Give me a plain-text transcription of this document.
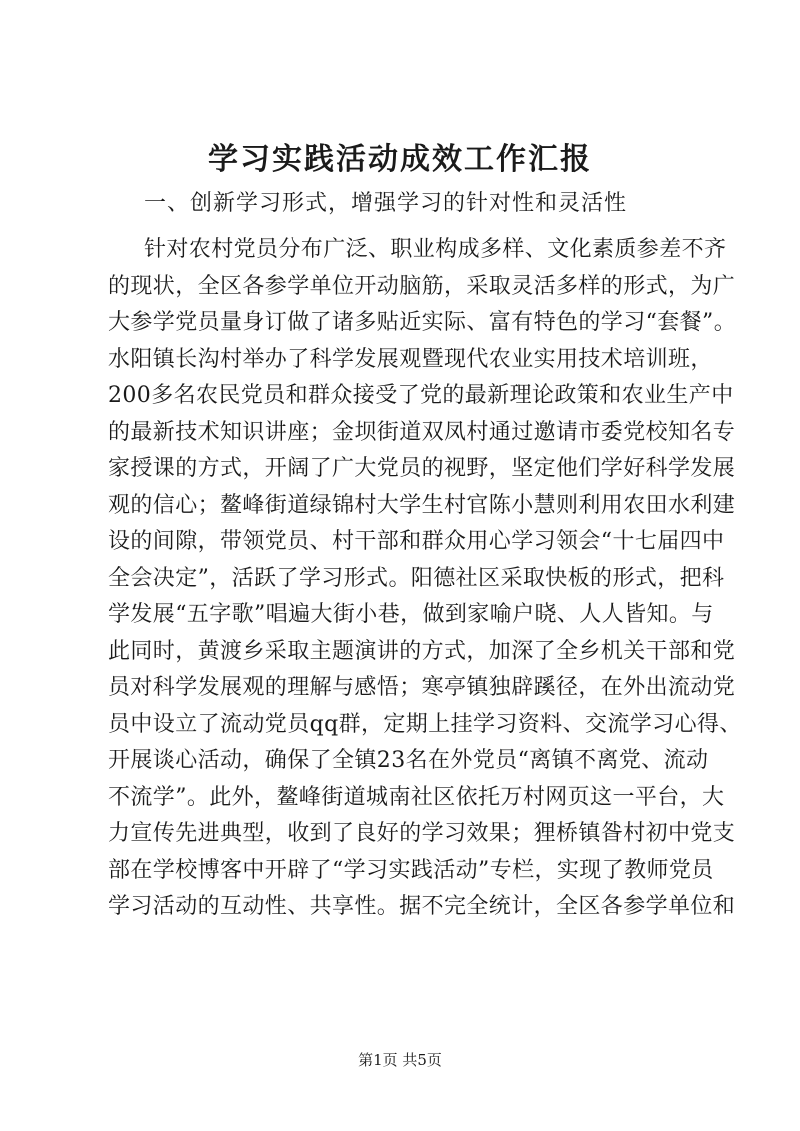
学习实践活动成效工作汇报
一、创新学习形式，增强学习的针对性和灵活性
针对农村党员分布广泛、职业构成多样、文化素质参差不齐
的现状，全区各参学单位开动脑筋，采取灵活多样的形式，为广
大参学党员量身订做了诸多贴近实际、富有特色的学习“套餐”。
水阳镇长沟村举办了科学发展观暨现代农业实用技术培训班，
200多名农民党员和群众接受了党的最新理论政策和农业生产中
的最新技术知识讲座；金坝街道双凤村通过邀请市委党校知名专
家授课的方式，开阔了广大党员的视野，坚定他们学好科学发展
观的信心；鳌峰街道绿锦村大学生村官陈小慧则利用农田水利建
设的间隙，带领党员、村干部和群众用心学习领会“十七届四中
全会决定”，活跃了学习形式。阳德社区采取快板的形式，把科
学发展“五字歌”唱遍大街小巷，做到家喻户晓、人人皆知。与
此同时，黄渡乡采取主题演讲的方式，加深了全乡机关干部和党
员对科学发展观的理解与感悟；寒亭镇独辟蹊径，在外出流动党
员中设立了流动党员qq群，定期上挂学习资料、交流学习心得、
开展谈心活动，确保了全镇23名在外党员“离镇不离党、流动
不流学”。此外，鳌峰街道城南社区依托万村网页这一平台，大
力宣传先进典型，收到了良好的学习效果；狸桥镇昝村初中党支
部在学校博客中开辟了“学习实践活动”专栏，实现了教师党员
学习活动的互动性、共享性。据不完全统计，全区各参学单位和
第1页 共5页
